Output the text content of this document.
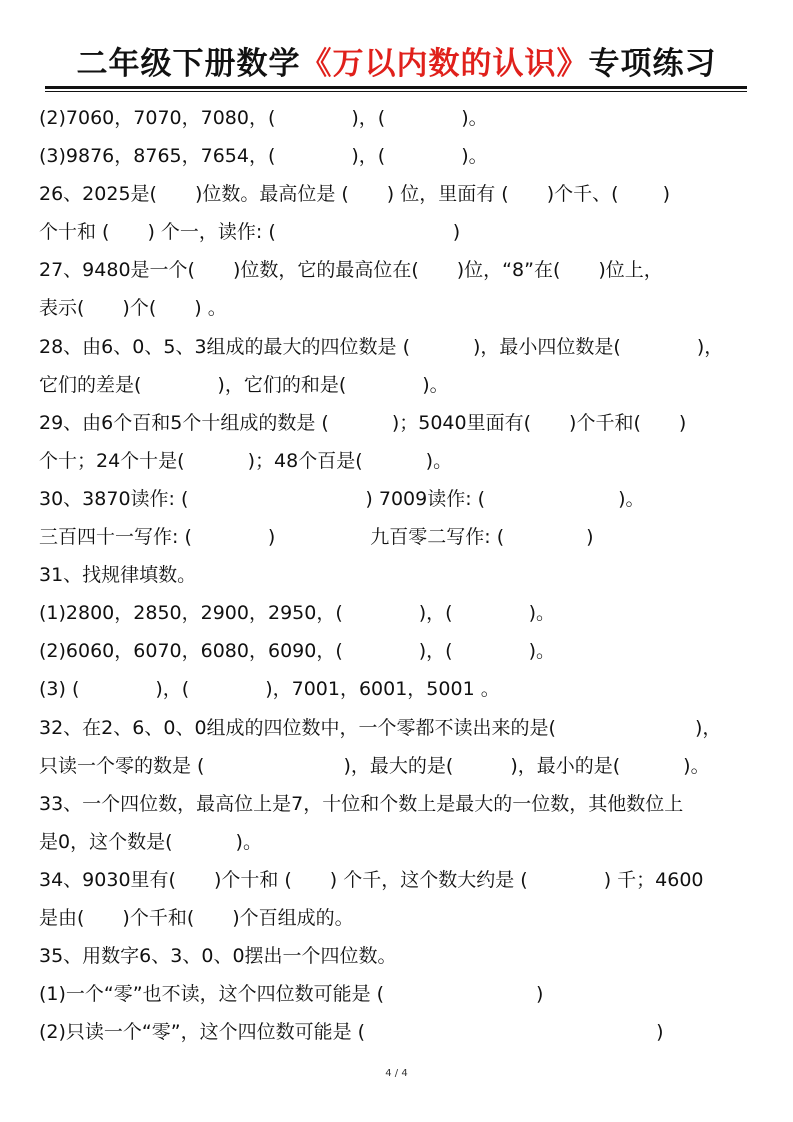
二年级下册数学《万以内数的认识》专项练习
(2)7060，7070，7080，(　　　　)，(　　　　)。
(3)9876，8765，7654，(　　　　)，(　　　　)。
26、2025是(　　)位数。最高位是 (　　) 位，里面有 (　　)个千、(　　 )
个十和 (　　) 个一，读作: (　　　　　　　　　 )
27、9480是一个(　　)位数，它的最高位在(　　)位，“8”在(　　)位上，
表示(　　)个(　　) 。
28、由6、0、5、3组成的最大的四位数是 (　　　 )，最小四位数是(　　　　)，
它们的差是(　　　　)，它们的和是(　　　　)。
29、由6个百和5个十组成的数是 (　　　 )；5040里面有(　　)个千和(　　)
个十；24个十是(　　　 )；48个百是(　　　 )。
30、3870读作: (　　　　　　　　　 ) 7009读作: (　　　　　　　)。
三百四十一写作: (　　　　)　　　　　九百零二写作: (　　　　 )
31、找规律填数。
(1)2800，2850，2900，2950，(　　　　)，(　　　　)。
(2)6060，6070，6080，6090，(　　　　)，(　　　　)。
(3) (　　　　)，(　　　　)，7001，6001，5001 。
32、在2、6、0、0组成的四位数中，一个零都不读出来的是(　　　　　　　 )，
只读一个零的数是 (　　　　　　　 )，最大的是(　　　)，最小的是(　　　 )。
33、一个四位数，最高位上是7，十位和个数上是最大的一位数，其他数位上
是0，这个数是(　　　 )。
34、9030里有(　　)个十和 (　　) 个千，这个数大约是 (　　　　) 千；4600
是由(　　)个千和(　　)个百组成的。
35、用数字6、3、0、0摆出一个四位数。
(1)一个“零”也不读，这个四位数可能是 (　　　　　　　　)
(2)只读一个“零”，这个四位数可能是 (　　　　　　　　　　　　　　　 )
4 / 4
